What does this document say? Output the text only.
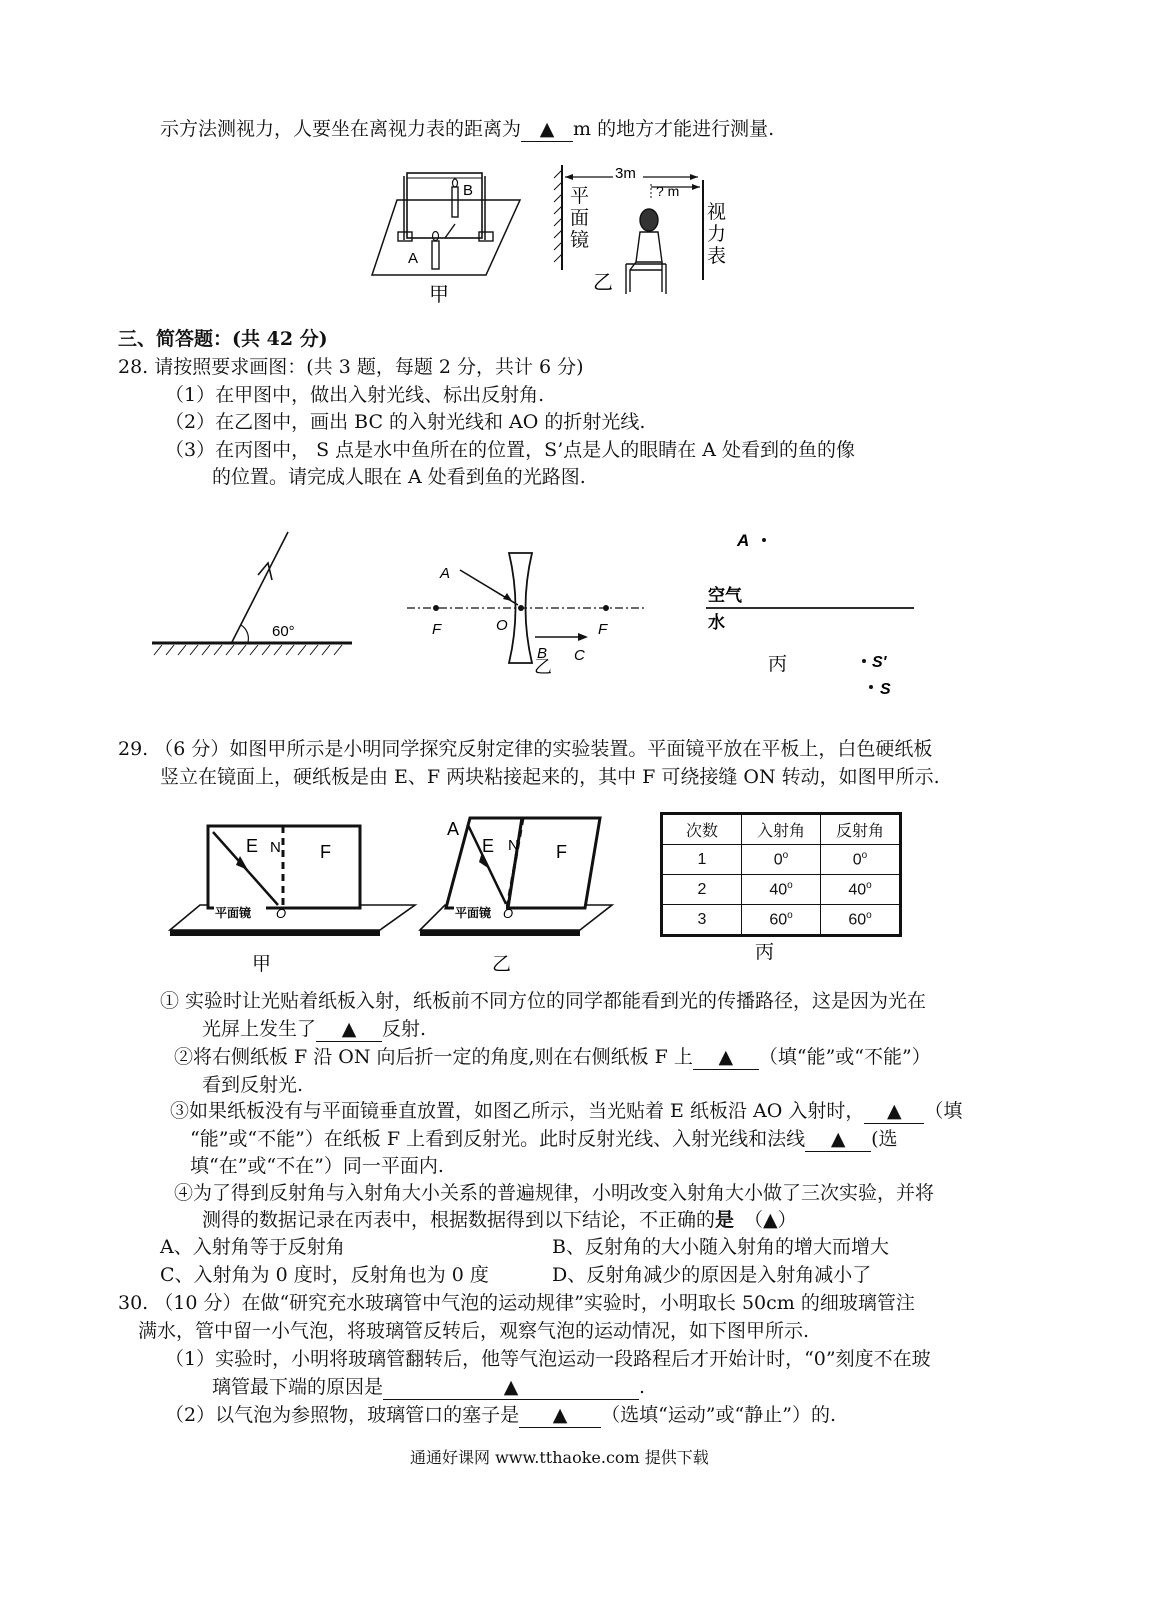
示方法测视力，人要坐在离视力表的距离为 ▲ m 的地方才能进行测量.
B
A
甲
3m
? m
平
面
镜
视
力
表
乙
三、简答题：(共 42 分)
28. 请按照要求画图：(共 3 题，每题 2 分，共计 6 分)
（1）在甲图中，做出入射光线、标出反射角.
（2）在乙图中，画出 BC 的入射光线和 AO 的折射光线.
（3）在丙图中， S 点是水中鱼所在的位置，S’点是人的眼睛在 A 处看到的鱼的像
的位置。请完成人眼在 A 处看到鱼的光路图.
60°
A
F	O	F
B C
乙
A
空气
水
丙	S'
S
29. （6 分）如图甲所示是小明同学探究反射定律的实验装置。平面镜平放在平板上，白色硬纸板
竖立在镜面上，硬纸板是由 E、F 两块粘接起来的，其中 F 可绕接缝 ON 转动，如图甲所示.
平面镜 O
E N F
甲
平面镜 O
A
E N F
乙
丙
次数	入射角	反射角
1	0$^o$	0$^o$
2	40$^o$	40$^o$
3	60$^o$	60$^o$
① 实验时让光贴着纸板入射，纸板前不同方位的同学都能看到光的传播路径，这是因为光在
光屏上发生了 ▲ 反射.
②将右侧纸板 F 沿 ON 向后折一定的角度,则在右侧纸板 F 上 ▲ （填“能”或“不能”）
看到反射光.
③如果纸板没有与平面镜垂直放置，如图乙所示，当光贴着 E 纸板沿 AO 入射时， ▲ （填
“能”或“不能”）在纸板 F 上看到反射光。此时反射光线、入射光线和法线 ▲ (选
填“在”或“不在”）同一平面内.
④为了得到反射角与入射角大小关系的普遍规律，小明改变入射角大小做了三次实验，并将
测得的数据记录在丙表中，根据数据得到以下结论，不正确的是 （▲）
A、入射角等于反射角	B、反射角的大小随入射角的增大而增大
C、入射角为 0 度时，反射角也为 0 度	D、反射角减少的原因是入射角减小了
30. （10 分）在做“研究充水玻璃管中气泡的运动规律”实验时，小明取长 50cm 的细玻璃管注
满水，管中留一小气泡，将玻璃管反转后，观察气泡的运动情况，如下图甲所示.
（1）实验时，小明将玻璃管翻转后，他等气泡运动一段路程后才开始计时，“0”刻度不在玻
璃管最下端的原因是	▲	.
（2）以气泡为参照物，玻璃管口的塞子是 ▲ （选填“运动”或“静止”）的.
通通好课网 www.tthaoke.com 提供下载
